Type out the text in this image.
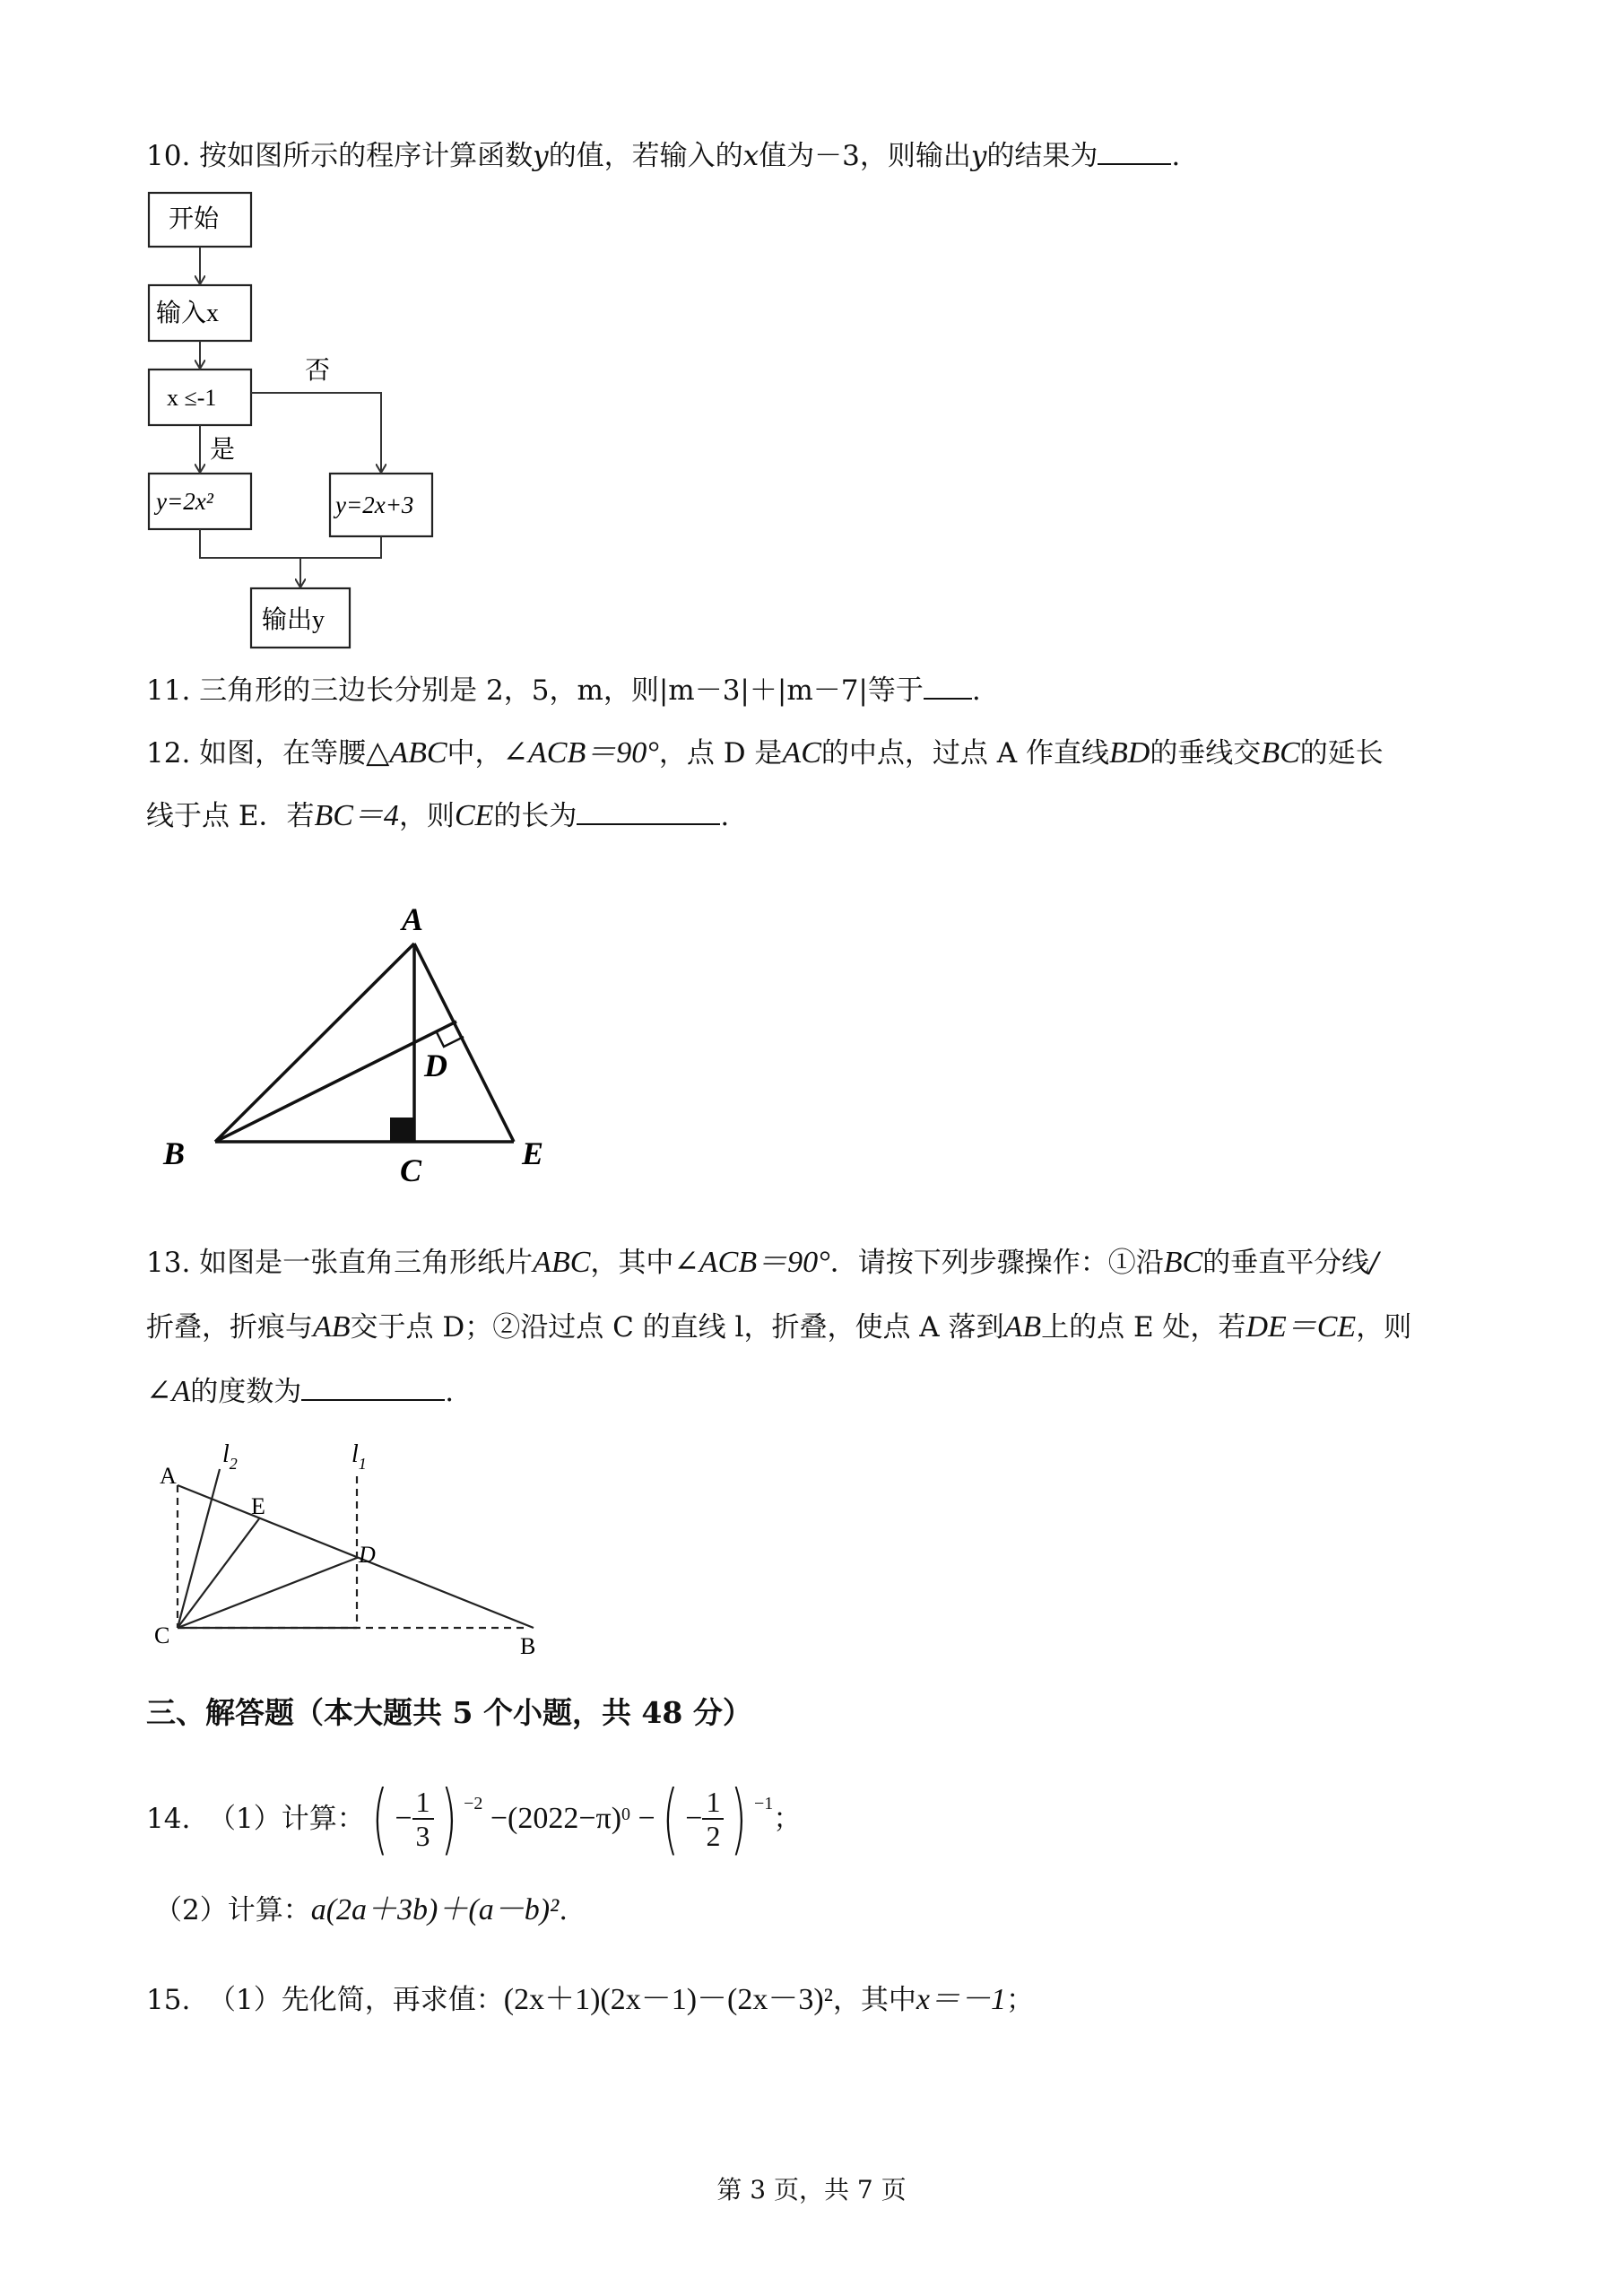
10. 按如图所示的程序计算函数y的值，若输入的x值为－3，则输出y的结果为	.
开始
输入x
x ≤-1
否
是
y=2x²	y=2x+3
输出y
11. 三角形的三边长分别是 2，5，m，则|m－3|＋|m－7|等于 .
12. 如图，在等腰△ABC中，∠ACB＝90°，点 D 是AC的中点，过点 A 作直线BD的垂线交BC的延长
线于点 E．若BC＝4，则CE的长为	.
A
B	C
D
E
13. 如图是一张直角三角形纸片ABC，其中∠ACB＝90°．请按下列步骤操作：①沿BC的垂直平分线/
折叠，折痕与AB交于点 D；②沿过点 C 的直线 l，折叠，使点 A 落到AB上的点 E 处，若DE＝CE，则
∠A的度数为	.
A
$l_2$
E
$l_1$
D
C	B
三、解答题（本大题共 5 个小题，共 48 分）
14.
（1）计算： ( − $\frac{1}{3}$ ) $^{-2}$ −(2022−π) 0 − ( − $\frac{1}{2}$ ) $^{-1}$ ；
（2）计算：a(2a＋3b)＋(a－b)².
15. （1）先化简，再求值：(2x＋1)(2x－1)－(2x－3)²，其中x＝－1；
第 3 页，共 7 页
